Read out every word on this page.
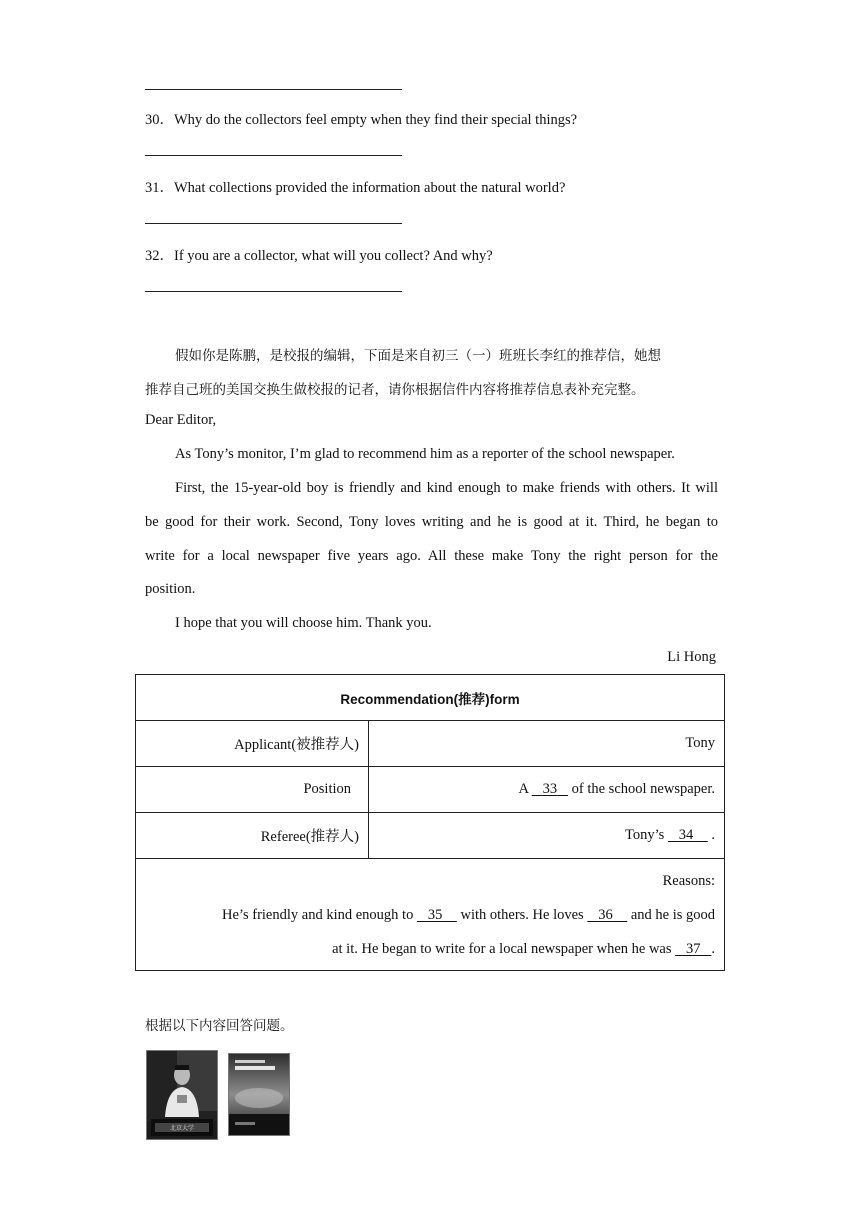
30．Why do the collectors feel empty when they find their special things?
31．What collections provided the information about the natural world?
32．If you are a collector, what will you collect? And why?
假如你是陈鹏，是校报的编辑，下面是来自初三（一）班班长李红的推荐信，她想
推荐自己班的美国交换生做校报的记者，请你根据信件内容将推荐信息表补充完整。
Dear Editor,
As Tony’s monitor, I’m glad to recommend him as a reporter of the school newspaper.
First, the 15-year-old boy is friendly and kind enough to make friends with others. It will
be good for their work. Second, Tony loves writing and he is good at it. Third, he began to
write for a local newspaper five years ago. All these make Tony the right person for the
position.
I hope that you will choose him. Thank you.
Li Hong
Recommendation(推荐)form	
Applicant(被推荐人)	Tony
Position	A 33 of the school newspaper.
Referee(推荐人)	Tony’s 34 .

Reasons:
He’s friendly and kind enough to 35 with others. He loves 36 and he is good
at it. He began to write for a local newspaper when he was 37 .	
根据以下内容回答问题。
北京大学
